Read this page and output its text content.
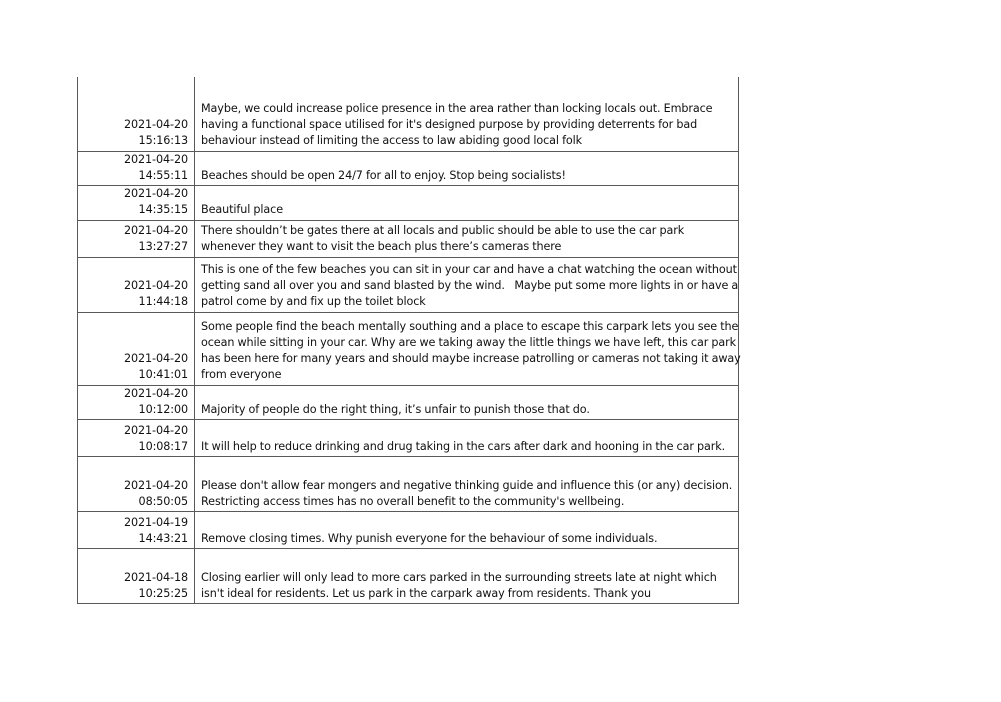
2021-04-20
15:16:13	Maybe, we could increase police presence in the area rather than locking locals out. Embrace
having a functional space utilised for it's designed purpose by providing deterrents for bad
behaviour instead of limiting the access to law abiding good local folk

2021-04-20
14:55:11	Beaches should be open 24/7 for all to enjoy. Stop being socialists!

2021-04-20
14:35:15	Beautiful place

2021-04-20
13:27:27	There shouldn’t be gates there at all locals and public should be able to use the car park
whenever they want to visit the beach plus there’s cameras there

2021-04-20
11:44:18	This is one of the few beaches you can sit in your car and have a chat watching the ocean without
getting sand all over you and sand blasted by the wind.   Maybe put some more lights in or have a
patrol come by and fix up the toilet block

2021-04-20
10:41:01	Some people find the beach mentally southing and a place to escape this carpark lets you see the
ocean while sitting in your car. Why are we taking away the little things we have left, this car park
has been here for many years and should maybe increase patrolling or cameras not taking it away
from everyone

2021-04-20
10:12:00	Majority of people do the right thing, it’s unfair to punish those that do.

2021-04-20
10:08:17	It will help to reduce drinking and drug taking in the cars after dark and hooning in the car park.

2021-04-20
08:50:05	Please don't allow fear mongers and negative thinking guide and influence this (or any) decision.
Restricting access times has no overall benefit to the community's wellbeing.

2021-04-19
14:43:21	Remove closing times. Why punish everyone for the behaviour of some individuals.

2021-04-18
10:25:25	Closing earlier will only lead to more cars parked in the surrounding streets late at night which
isn't ideal for residents. Let us park in the carpark away from residents. Thank you
